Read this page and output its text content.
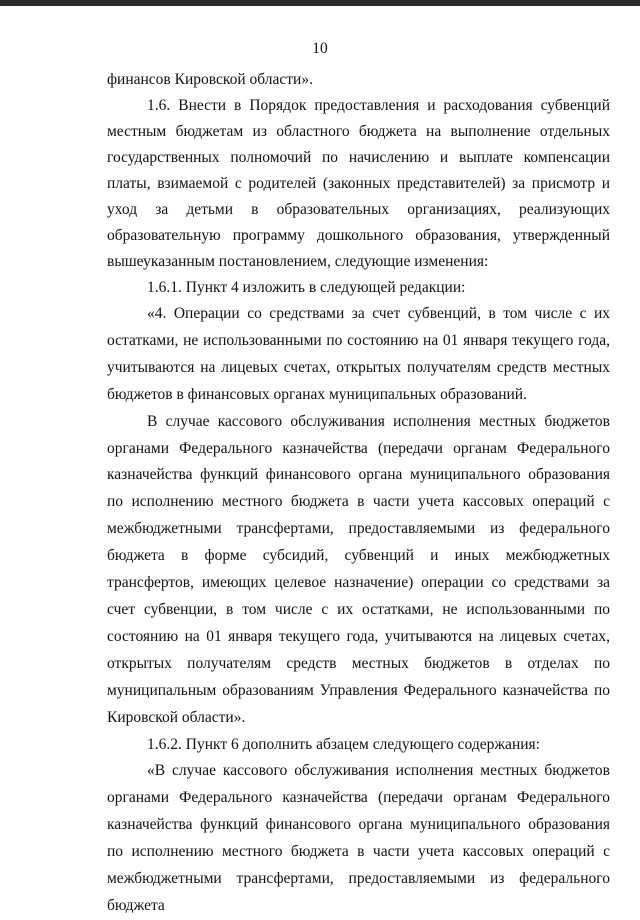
10

финансов Кировской области».

1.6. Внести в Порядок предоставления и расходования субвенций местным бюджетам из областного бюджета на выполнение отдельных государственных полномочий по начислению и выплате компенсации платы, взимаемой с родителей (законных представителей) за присмотр и уход за детьми в образовательных организациях, реализующих образовательную программу дошкольного образования, утвержденный вышеуказанным постановлением, следующие изменения:

1.6.1. Пункт 4 изложить в следующей редакции:

«4. Операции со средствами за счет субвенций, в том числе с их остатками, не использованными по состоянию на 01 января текущего года, учитываются на лицевых счетах, открытых получателям средств местных бюджетов в финансовых органах муниципальных образований.

В случае кассового обслуживания исполнения местных бюджетов органами Федерального казначейства (передачи органам Федерального казначейства функций финансового органа муниципального образования по исполнению местного бюджета в части учета кассовых операций с межбюджетными трансфертами, предоставляемыми из федерального бюджета в форме субсидий, субвенций и иных межбюджетных трансфертов, имеющих целевое назначение) операции со средствами за счет субвенции, в том числе с их остатками, не использованными по состоянию на 01 января текущего года, учитываются на лицевых счетах, открытых получателям средств местных бюджетов в отделах по муниципальным образованиям Управления Федерального казначейства по Кировской области».

1.6.2. Пункт 6 дополнить абзацем следующего содержания:

«В случае кассового обслуживания исполнения местных бюджетов органами Федерального казначейства (передачи органам Федерального казначейства функций финансового органа муниципального образования по исполнению местного бюджета в части учета кассовых операций с межбюджетными трансфертами, предоставляемыми из федерального бюджета
